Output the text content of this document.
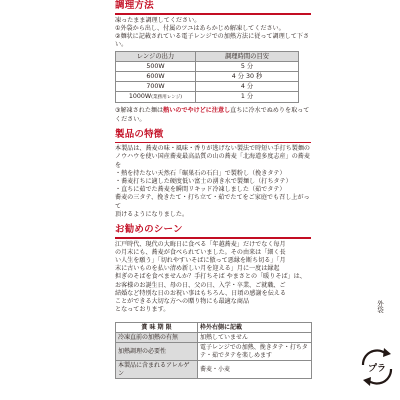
調理方法
凍ったまま調理してください。
①外袋から出し、付属のツユはあらかじめ解凍してください。
②麺状に記載されている電子レンジでの加熱方法に従って調理して下さい。
レンジの出力	調理時間の目安
500W	5 分
600W	4 分 30 秒
700W	4 分
1000W(業務用レンジ)	1 分
③解凍された麺は熱いのでやけどに注意し直ちに冷水でぬめりを取ってください。
製品の特徴
本製品は、蕎麦の味・風味・香りが逃げない製法で時短い手打ち製麺の
ノウハウを使い国産蕎麦最高品質の山の蕎麦「北海道多度志産」の蕎麦を
・熱を持たない天然石「碾巣石の石臼」で製粉し（挽きタテ）
・蕎麦打ちに適した硬度低い富士の湧き水で製麺し（打ちタテ）
・直ちに茹でた蕎麦を瞬間リキッド冷凍しました（茹でタテ）
蕎麦の三タテ、挽きたて・打ち立て・茹でたてをご家庭でも召し上がって
頂けるようになりました。
お勧めのシーン
江戸時代、現代の大晦日に食べる「年越蕎麦」だけでなく毎月
の月末にも、蕎麦が食べられていました。その由来は「細く長
い人生を願う」「切れやすいそばに倣って悪縁を断ち切る」「月
末に古いものを払い清め新しい月を迎える」月に一度は縁起
担ぎのそばを食べませんか？手打ちそば やまさとの「暖りそば」は、
お客様のお誕生日、母の日、父の日、入学・卒業、ご就職、ご
結婚など特別な日のお祝い事はもちろん、日頃の感謝を伝える
ことができる大切な方への贈り物にも最適な商品
となっております。
賞 味 期 限	枠外右側に記載
冷凍直前の加熱の有無	加熱していません
加熱調理の必要性	電子レンジでの加熱、挽きタテ・打ちタテ・茹でタテを楽しめます
本製品に含まれるアレルゲン	蕎麦・小麦
外袋
プラ
